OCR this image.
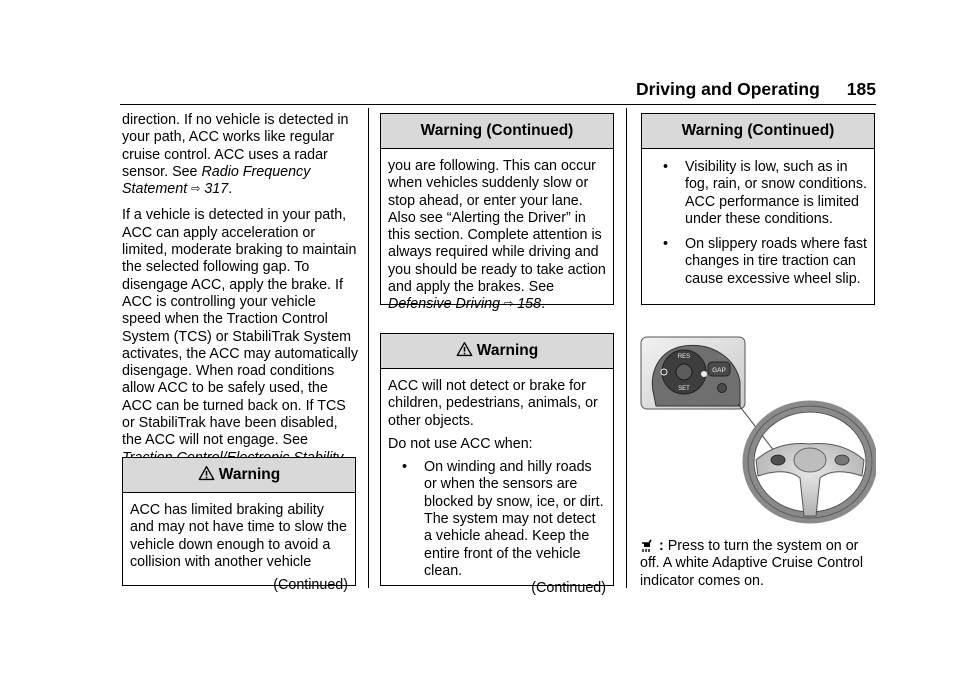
Driving and Operating 185

direction. If no vehicle is detected in your path, ACC works like regular cruise control. ACC uses a radar sensor. See Radio Frequency Statement ⇨ 317.

If a vehicle is detected in your path, ACC can apply acceleration or limited, moderate braking to maintain the selected following gap. To disengage ACC, apply the brake. If ACC is controlling your vehicle speed when the Traction Control System (TCS) or StabiliTrak System activates, the ACC may automatically disengage. When road conditions allow ACC to be safely used, the ACC can be turned back on. If TCS or StabiliTrak have been disabled, the ACC will not engage. See

Warning

ACC has limited braking ability and may not have time to slow the vehicle down enough to avoid a collision with another vehicle

(Continued)
Warning (Continued)

you are following. This can occur when vehicles suddenly slow or stop ahead, or enter your lane. Also see “Alerting the Driver” in this section. Complete attention is always required while driving and you should be ready to take action and apply the brakes. See Defensive Driving ⇨ 158.

Warning

ACC will not detect or brake for children, pedestrians, animals, or other objects.

Do not use ACC when:

• On winding and hilly roads or when the sensors are blocked by snow, ice, or dirt. The system may not detect a vehicle ahead. Keep the entire front of the vehicle clean.
(Continued)
Warning (Continued)
• Visibility is low, such as in fog, rain, or snow conditions. ACC performance is limited under these conditions.
• On slippery roads where fast changes in tire traction can cause excessive wheel slip.
RES
SET
GAP
: Press to turn the system on or off. A white Adaptive Cruise Control indicator comes on.
